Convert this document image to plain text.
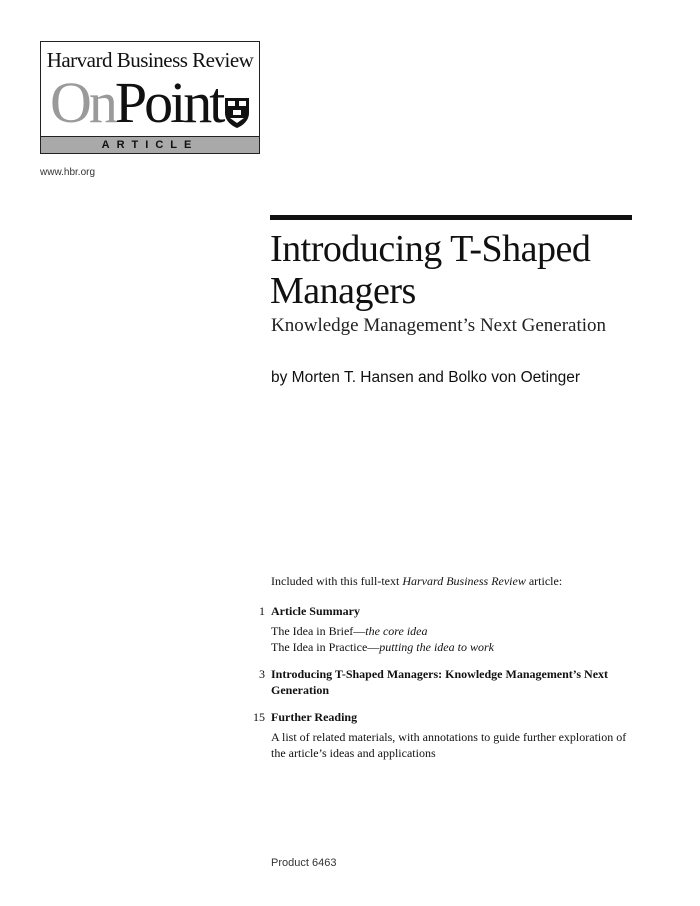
Harvard Business Review
OnPoint
ARTICLE
www.hbr.org
Introducing T-Shaped Managers
Knowledge Management’s Next Generation
by Morten T. Hansen and Bolko von Oetinger
Included with this full-text Harvard Business Review article:
1 Article Summary
The Idea in Brief—the core idea
The Idea in Practice—putting the idea to work
3 Introducing T-Shaped Managers: Knowledge Management’s Next Generation
15 Further Reading
A list of related materials, with annotations to guide further exploration of the article’s ideas and applications
Product 6463
